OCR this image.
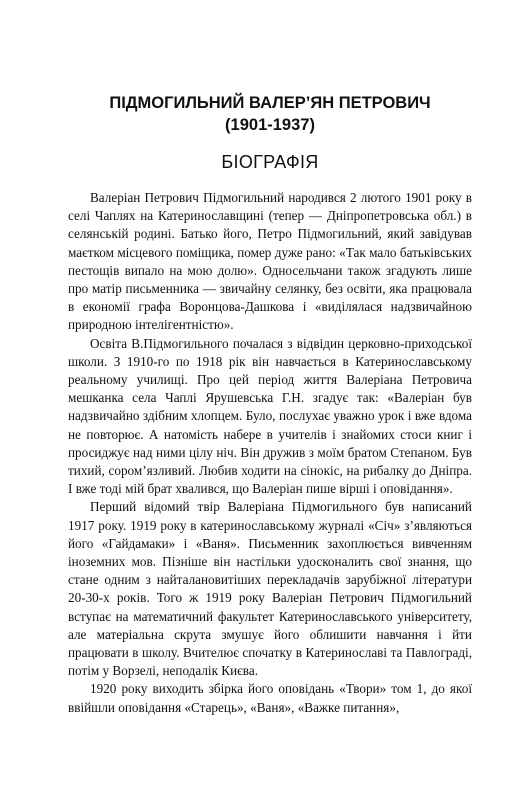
ПІДМОГИЛЬНИЙ ВАЛЕР’ЯН ПЕТРОВИЧ
(1901-1937)
БІОГРАФІЯ

Валеріан Петрович Підмогильний народився 2 лютого 1901 року в селі Чаплях на Катеринославщині (тепер — Дніпропетровська обл.) в селянській родині. Батько його, Петро Підмогильний, який завідував маєтком місцевого поміщика, помер дуже рано: «Так мало батьківських пестощів випало на мою долю». Односельчани також згадують лише про матір письменника — звичайну селянку, без освіти, яка працювала в економії графа Воронцова-Дашкова і «виділялася надзвичайною природною інтелігентністю».

Освіта В.Підмогильного почалася з відвідин церковно-приходської школи. З 1910-го по 1918 рік він навчається в Катеринославському реальному училищі. Про цей період життя Валеріана Петровича мешканка села Чаплі Ярушевська Г.Н. згадує так: «Валеріан був надзвичайно здібним хлопцем. Було, послухає уважно урок і вже вдома не повторює. А натомість набере в учителів і знайомих стоси книг і просиджує над ними цілу ніч. Він дружив з моїм братом Степаном. Був тихий, сором’язливий. Любив ходити на сінокіс, на рибалку до Дніпра. І вже тоді мій брат хвалився, що Валеріан пише вірші і оповідання».

Перший відомий твір Валеріана Підмогильного був написаний 1917 року. 1919 року в катеринославському журналі «Січ» з’являються його «Гайдамаки» і «Ваня». Письменник захоплюється вивченням іноземних мов. Пізніше він настільки удосконалить свої знання, що стане одним з найталановитіших перекладачів зарубіжної літератури 20-30-х років. Того ж 1919 року Валеріан Петрович Підмогильний вступає на математичний факультет Катеринославського університету, але матеріальна скрута змушує його облишити навчання і йти працювати в школу. Вчителює спочатку в Катеринославі та Павлограді, потім у Ворзелі, неподалік Києва.

1920 року виходить збірка його оповідань «Твори» том 1, до якої ввійшли оповідання «Старець», «Ваня», «Важке питання»,
